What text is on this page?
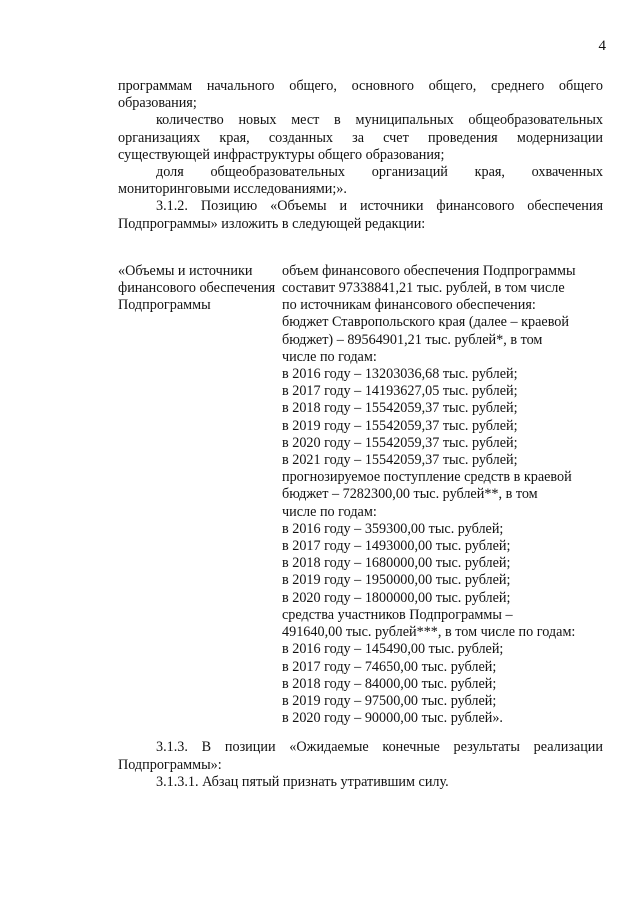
4

программам начального общего, основного общего, среднего общего образования;

количество новых мест в муниципальных общеобразовательных организациях края, созданных за счет проведения модернизации существующей инфраструктуры общего образования;

доля общеобразовательных организаций края, охваченных мониторинговыми исследованиями;».

3.1.2. Позицию «Объемы и источники финансового обеспечения Подпрограммы» изложить в следующей редакции:

«Объемы и источники
финансового обеспечения
Подпрограммы
объем финансового обеспечения Подпрограммы
составит 97338841,21 тыс. рублей, в том числе
по источникам финансового обеспечения:
бюджет Ставропольского края (далее – краевой
бюджет) – 89564901,21 тыс. рублей*, в том
числе по годам:
в 2016 году – 13203036,68 тыс. рублей;
в 2017 году – 14193627,05 тыс. рублей;
в 2018 году – 15542059,37 тыс. рублей;
в 2019 году – 15542059,37 тыс. рублей;
в 2020 году – 15542059,37 тыс. рублей;
в 2021 году – 15542059,37 тыс. рублей;
прогнозируемое поступление средств в краевой
бюджет – 7282300,00 тыс. рублей**, в том
числе по годам:
в 2016 году – 359300,00 тыс. рублей;
в 2017 году – 1493000,00 тыс. рублей;
в 2018 году – 1680000,00 тыс. рублей;
в 2019 году – 1950000,00 тыс. рублей;
в 2020 году – 1800000,00 тыс. рублей;
средства участников Подпрограммы –
491640,00 тыс. рублей***, в том числе по годам:
в 2016 году – 145490,00 тыс. рублей;
в 2017 году – 74650,00 тыс. рублей;
в 2018 году – 84000,00 тыс. рублей;
в 2019 году – 97500,00 тыс. рублей;
в 2020 году – 90000,00 тыс. рублей».

3.1.3. В позиции «Ожидаемые конечные результаты реализации Подпрограммы»:

3.1.3.1. Абзац пятый признать утратившим силу.
